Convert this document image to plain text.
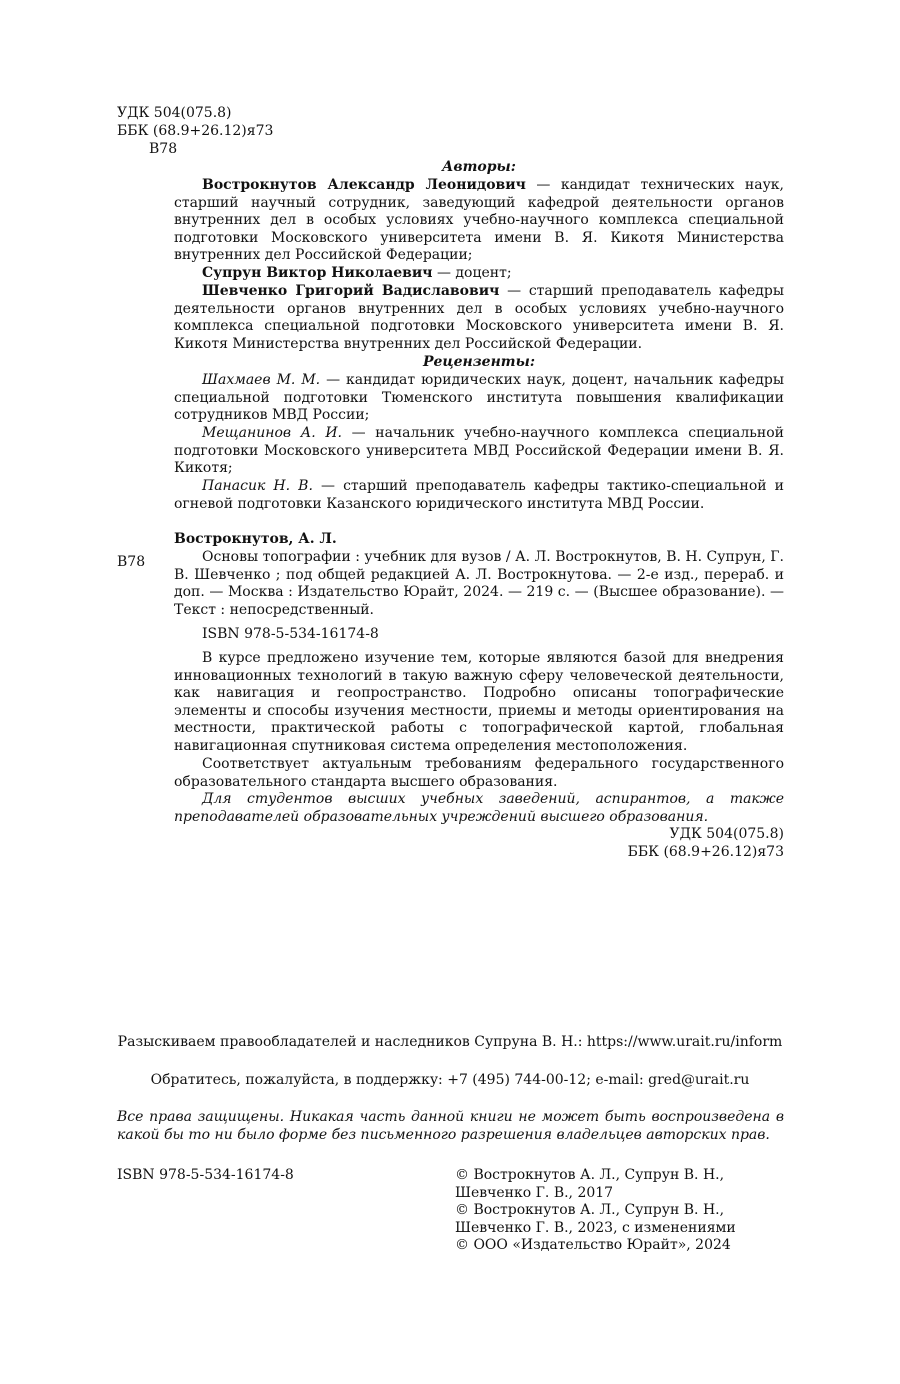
УДК 504(075.8)
ББК (68.9+26.12)я73
В78
Авторы:
Вострокнутов Александр Леонидович — кандидат технических наук, старший научный сотрудник, заведующий кафедрой деятельности органов внутренних дел в особых условиях учебно-научного комплекса специальной подготовки Московского университета имени В. Я. Кикотя Министерства внутренних дел Российской Федерации;
Супрун Виктор Николаевич — доцент;
Шевченко Григорий Вадиславович — старший преподаватель кафедры деятельности органов внутренних дел в особых условиях учебно-научного комплекса специальной подготовки Московского университета имени В. Я. Кикотя Министерства внутренних дел Российской Федерации.
Рецензенты:
Шахмаев М. М. — кандидат юридических наук, доцент, начальник кафедры специальной подготовки Тюменского института повышения квалификации сотрудников МВД России;
Мещанинов А. И. — начальник учебно-научного комплекса специальной подготовки Московского университета МВД Российской Федерации имени В. Я. Кикотя;
Панасик Н. В. — старший преподаватель кафедры тактико-специальной и огневой подготовки Казанского юридического института МВД России.
Вострокнутов, А. Л.
В78	Основы топографии : учебник для вузов / А. Л. Вострокнутов, В. Н. Супрун, Г. В. Шевченко ; под общей редакцией А. Л. Вострокнутова. — 2-е изд., перераб. и доп. — Москва : Издательство Юрайт, 2024. — 219 с. — (Высшее образование). — Текст : непосредственный.
ISBN 978-5-534-16174-8
В курсе предложено изучение тем, которые являются базой для внедрения инновационных технологий в такую важную сферу человеческой деятельности, как навигация и геопространство. Подробно описаны топографические элементы и способы изучения местности, приемы и методы ориентирования на местности, практической работы с топографической картой, глобальная навигационная спутниковая система определения местоположения.
Соответствует актуальным требованиям федерального государственного образовательного стандарта высшего образования.
Для студентов высших учебных заведений, аспирантов, а также преподавателей образовательных учреждений высшего образования.
УДК 504(075.8)
ББК (68.9+26.12)я73
Разыскиваем правообладателей и наследников Супруна В. Н.: https://www.urait.ru/inform
Обратитесь, пожалуйста, в поддержку: +7 (495) 744-00-12; e-mail: gred@urait.ru
Все права защищены. Никакая часть данной книги не может быть воспроизведена в какой бы то ни было форме без письменного разрешения владельцев авторских прав.
ISBN 978-5-534-16174-8	© Вострокнутов А. Л., Супрун В. Н.,
Шевченко Г. В., 2017
© Вострокнутов А. Л., Супрун В. Н.,
Шевченко Г. В., 2023, с изменениями
© ООО «Издательство Юрайт», 2024
